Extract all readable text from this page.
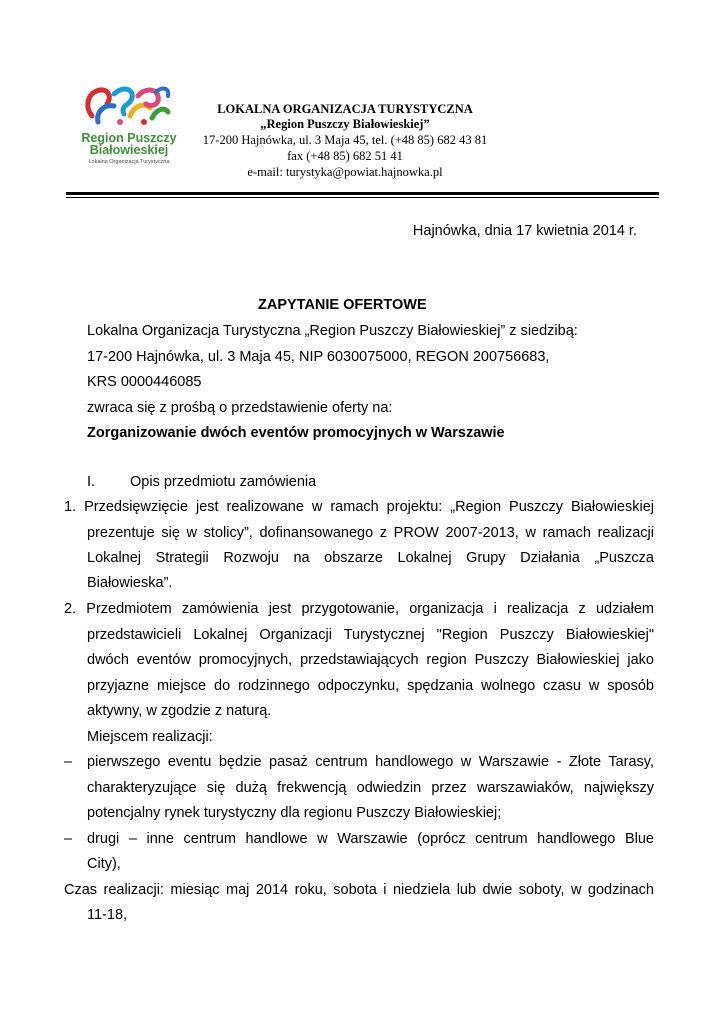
Region Puszczy
Białowieskiej
Lokalna Organizacja Turystyczna
LOKALNA ORGANIZACJA TURYSTYCZNA
„Region Puszczy Białowieskiej”
17-200 Hajnówka, ul. 3 Maja 45, tel. (+48 85) 682 43 81
fax (+48 85) 682 51 41
e-mail: turystyka@powiat.hajnowka.pl
Hajnówka, dnia 17 kwietnia 2014 r.
ZAPYTANIE OFERTOWE
Lokalna Organizacja Turystyczna „Region Puszczy Białowieskiej” z siedzibą:
17-200 Hajnówka, ul. 3 Maja 45, NIP 6030075000, REGON 200756683,
KRS 0000446085
zwraca się z prośbą o przedstawienie oferty na:
Zorganizowanie dwóch eventów promocyjnych w Warszawie
I. Opis przedmiotu zamówienia
1. Przedsięwzięcie jest realizowane w ramach projektu: „Region Puszczy Białowieskiej
prezentuje się w stolicy”, dofinansowanego z PROW 2007-2013, w ramach realizacji
Lokalnej Strategii Rozwoju na obszarze Lokalnej Grupy Działania „Puszcza
Białowieska”.
2. Przedmiotem zamówienia jest przygotowanie, organizacja i realizacja z udziałem
przedstawicieli Lokalnej Organizacji Turystycznej "Region Puszczy Białowieskiej"
dwóch eventów promocyjnych, przedstawiających region Puszczy Białowieskiej jako
przyjazne miejsce do rodzinnego odpoczynku, spędzania wolnego czasu w sposób
aktywny, w zgodzie z naturą.
Miejscem realizacji:
– pierwszego eventu będzie pasaż centrum handlowego w Warszawie - Złote Tarasy,
charakteryzujące się dużą frekwencją odwiedzin przez warszawiaków, największy
potencjalny rynek turystyczny dla regionu Puszczy Białowieskiej;
– drugi – inne centrum handlowe w Warszawie (oprócz centrum handlowego Blue
City),
Czas realizacji: miesiąc maj 2014 roku, sobota i niedziela lub dwie soboty, w godzinach
11-18,
